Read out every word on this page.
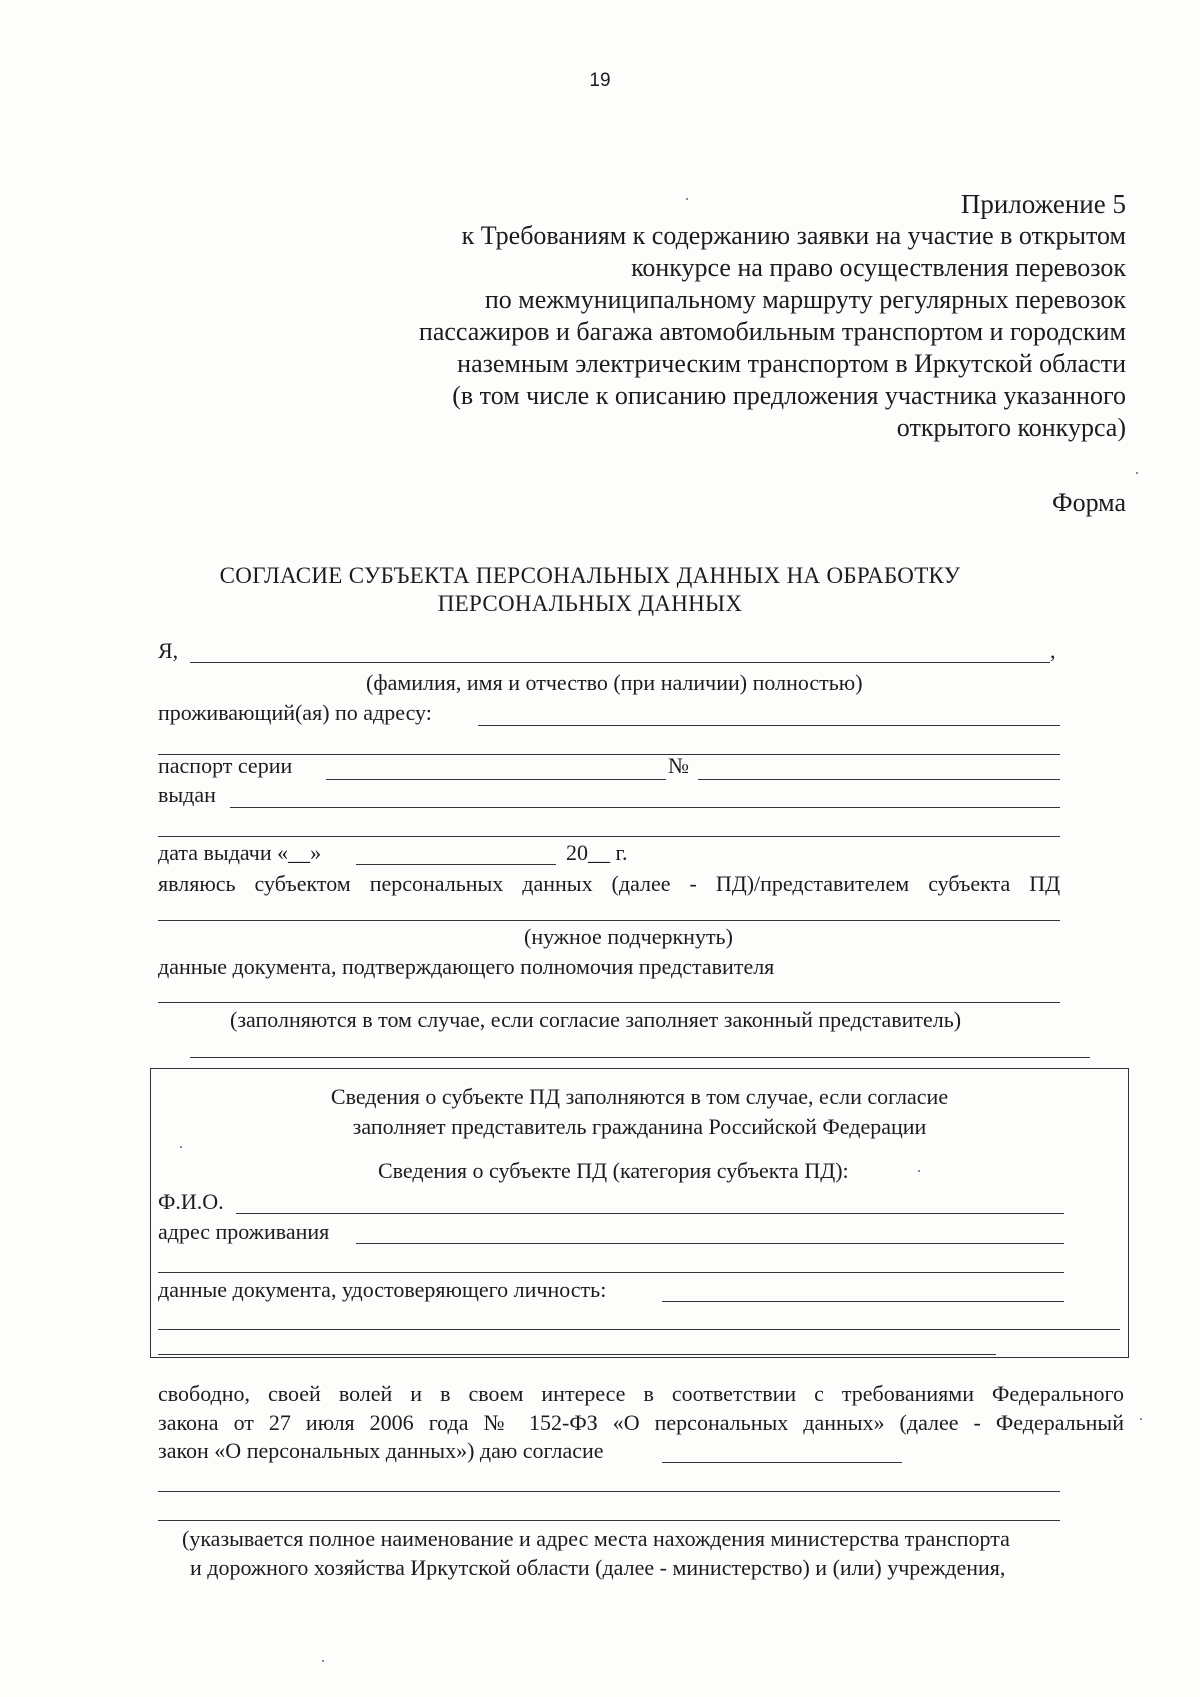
19
Приложение 5
к Требованиям к содержанию заявки на участие в открытом
конкурсе на право осуществления перевозок
по межмуниципальному маршруту регулярных перевозок
пассажиров и багажа автомобильным транспортом и городским
наземным электрическим транспортом в Иркутской области
(в том числе к описанию предложения участника указанного
открытого конкурса)
Форма
СОГЛАСИЕ СУБЪЕКТА ПЕРСОНАЛЬНЫХ ДАННЫХ НА ОБРАБОТКУ
ПЕРСОНАЛЬНЫХ ДАННЫХ
Я,	,
(фамилия, имя и отчество (при наличии) полностью)
проживающий(ая) по адресу:
паспорт серии	№
выдан
дата выдачи «__»	20__ г.
являюсь субъектом персональных данных (далее - ПД)/представителем субъекта ПД
(нужное подчеркнуть)
данные документа, подтверждающего полномочия представителя
(заполняются в том случае, если согласие заполняет законный представитель)
Сведения о субъекте ПД заполняются в том случае, если согласие
заполняет представитель гражданина Российской Федерации
Сведения о субъекте ПД (категория субъекта ПД):
Ф.И.О.
адрес проживания
данные документа, удостоверяющего личность:
свободно, своей волей и в своем интересе в соответствии с требованиями Федерального
закона от 27 июля 2006 года № 152-ФЗ «О персональных данных» (далее - Федеральный
закон «О персональных данных») даю согласие
(указывается полное наименование и адрес места нахождения министерства транспорта
и дорожного хозяйства Иркутской области (далее - министерство) и (или) учреждения,
